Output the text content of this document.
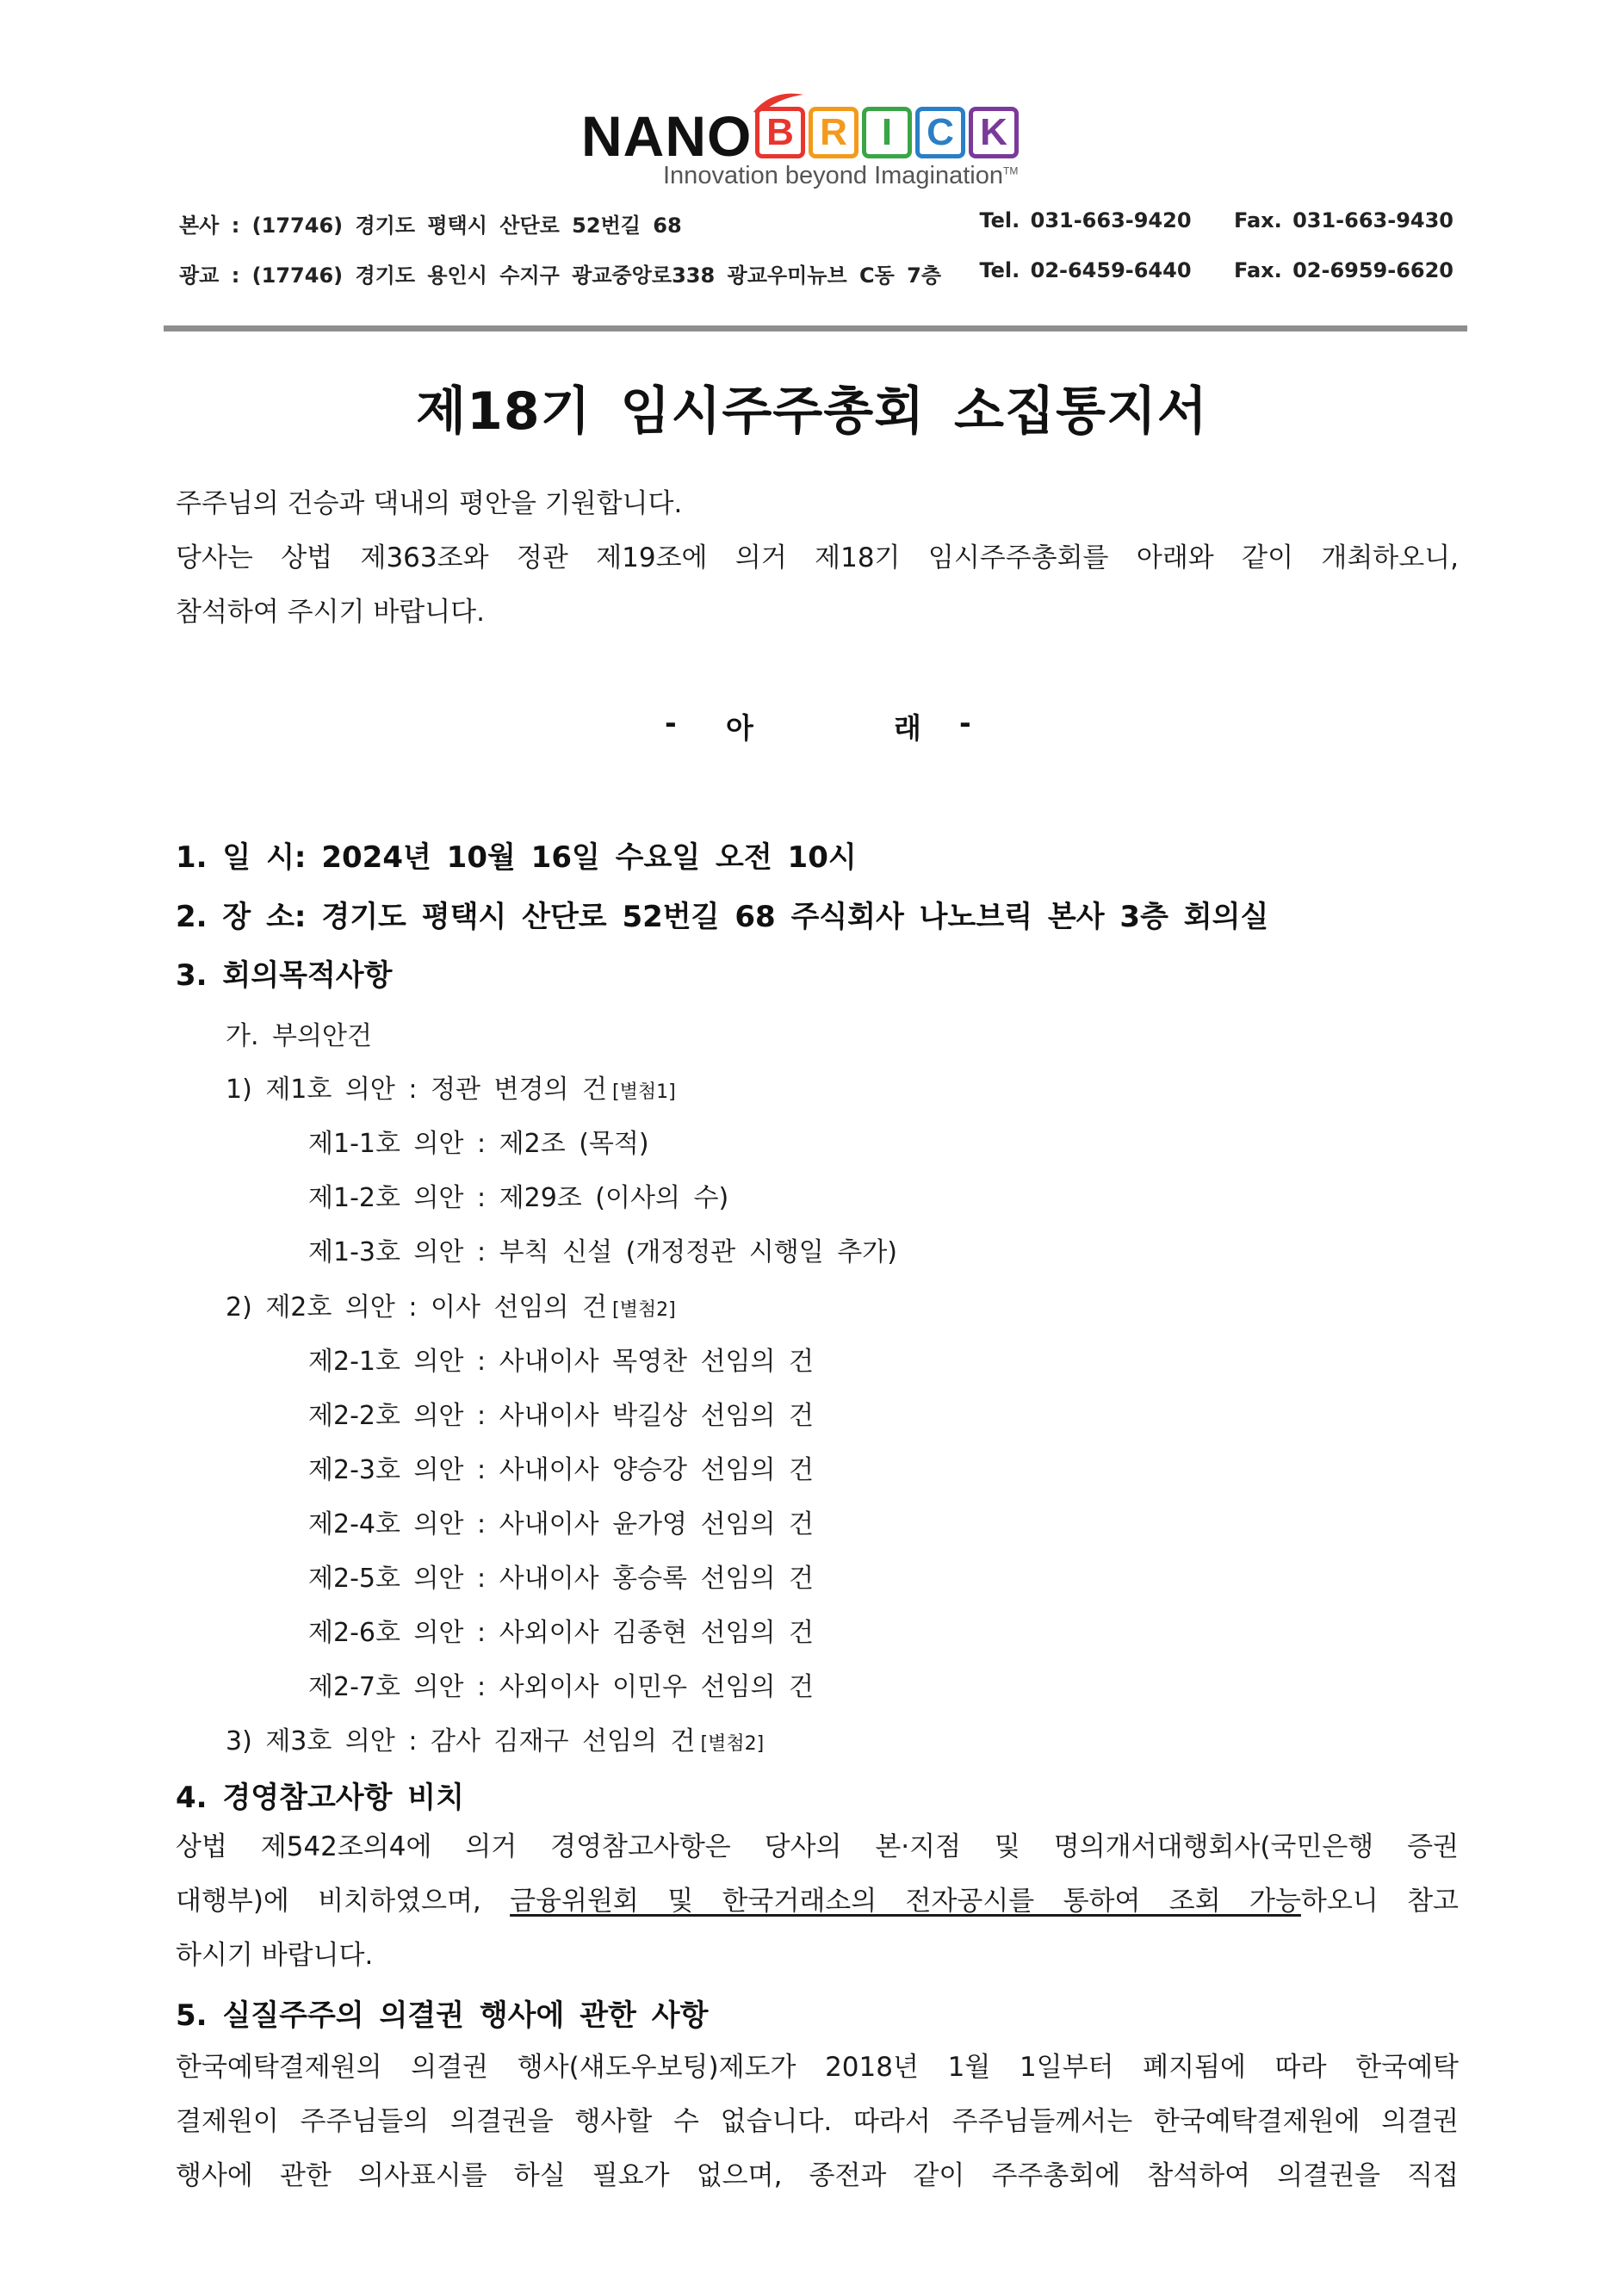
NANO B R I C K
Innovation beyond Imagination™
본사 : (17746) 경기도 평택시 산단로 52번길 68	Tel. 031-663-9420    Fax. 031-663-9430
광교 : (17746) 경기도 용인시 수지구 광교중앙로338 광교우미뉴브 C동 7층 Tel. 02-6459-6440    Fax. 02-6959-6620
제18기 임시주주총회 소집통지서
주주님의 건승과 댁내의 평안을 기원합니다.
당사는 상법 제363조와 정관 제19조에 의거 제18기 임시주주총회를 아래와 같이 개최하오니,
참석하여 주시기 바랍니다.
- 아	래 -
1. 일 시: 2024년 10월 16일 수요일 오전 10시
2. 장 소: 경기도 평택시 산단로 52번길 68 주식회사 나노브릭 본사 3층 회의실
3. 회의목적사항
가. 부의안건
1) 제1호 의안 : 정관 변경의 건 [별첨1]
제1-1호 의안 : 제2조 (목적)
제1-2호 의안 : 제29조 (이사의 수)
제1-3호 의안 : 부칙 신설 (개정정관 시행일 추가)
2) 제2호 의안 : 이사 선임의 건 [별첨2]
제2-1호 의안 : 사내이사 목영찬 선임의 건
제2-2호 의안 : 사내이사 박길상 선임의 건
제2-3호 의안 : 사내이사 양승강 선임의 건
제2-4호 의안 : 사내이사 윤가영 선임의 건
제2-5호 의안 : 사내이사 홍승록 선임의 건
제2-6호 의안 : 사외이사 김종현 선임의 건
제2-7호 의안 : 사외이사 이민우 선임의 건
3) 제3호 의안 : 감사 김재구 선임의 건 [별첨2]
4. 경영참고사항 비치
상법 제542조의4에 의거 경영참고사항은 당사의 본·지점 및 명의개서대행회사(국민은행 증권
대행부)에 비치하였으며, 금융위원회 및 한국거래소의 전자공시를 통하여 조회 가능하오니 참고
하시기 바랍니다.
5. 실질주주의 의결권 행사에 관한 사항
한국예탁결제원의 의결권 행사(섀도우보팅)제도가 2018년 1월 1일부터 폐지됨에 따라 한국예탁
결제원이 주주님들의 의결권을 행사할 수 없습니다. 따라서 주주님들께서는 한국예탁결제원에 의결권
행사에 관한 의사표시를 하실 필요가 없으며, 종전과 같이 주주총회에 참석하여 의결권을 직접
